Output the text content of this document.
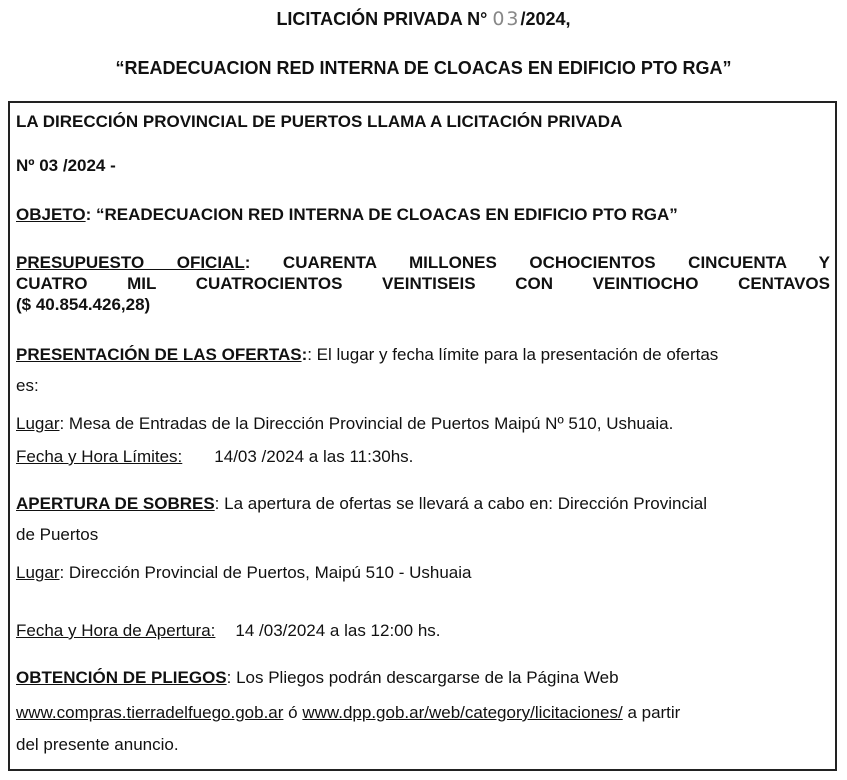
LICITACIÓN PRIVADA N° 03/2024,
“READECUACION RED INTERNA DE CLOACAS EN EDIFICIO PTO RGA”
LA DIRECCIÓN PROVINCIAL DE PUERTOS LLAMA A LICITACIÓN PRIVADA
Nº 03 /2024 -
OBJETO: “READECUACION RED INTERNA DE CLOACAS EN EDIFICIO PTO RGA”
PRESUPUESTO OFICIAL: CUARENTA MILLONES OCHOCIENTOS CINCUENTA Y
CUATRO MIL CUATROCIENTOS VEINTISEIS CON VEINTIOCHO CENTAVOS
($ 40.854.426,28)
PRESENTACIÓN DE LAS OFERTAS:: El lugar y fecha límite para la presentación de ofertas
es:
Lugar: Mesa de Entradas de la Dirección Provincial de Puertos Maipú Nº 510, Ushuaia.
Fecha y Hora Límites: 14/03 /2024 a las 11:30hs.
APERTURA DE SOBRES: La apertura de ofertas se llevará a cabo en: Dirección Provincial
de Puertos
Lugar: Dirección Provincial de Puertos, Maipú 510 - Ushuaia
Fecha y Hora de Apertura: 14 /03/2024 a las 12:00 hs.
OBTENCIÓN DE PLIEGOS: Los Pliegos podrán descargarse de la Página Web
www.compras.tierradelfuego.gob.ar ó www.dpp.gob.ar/web/category/licitaciones/ a partir
del presente anuncio.
